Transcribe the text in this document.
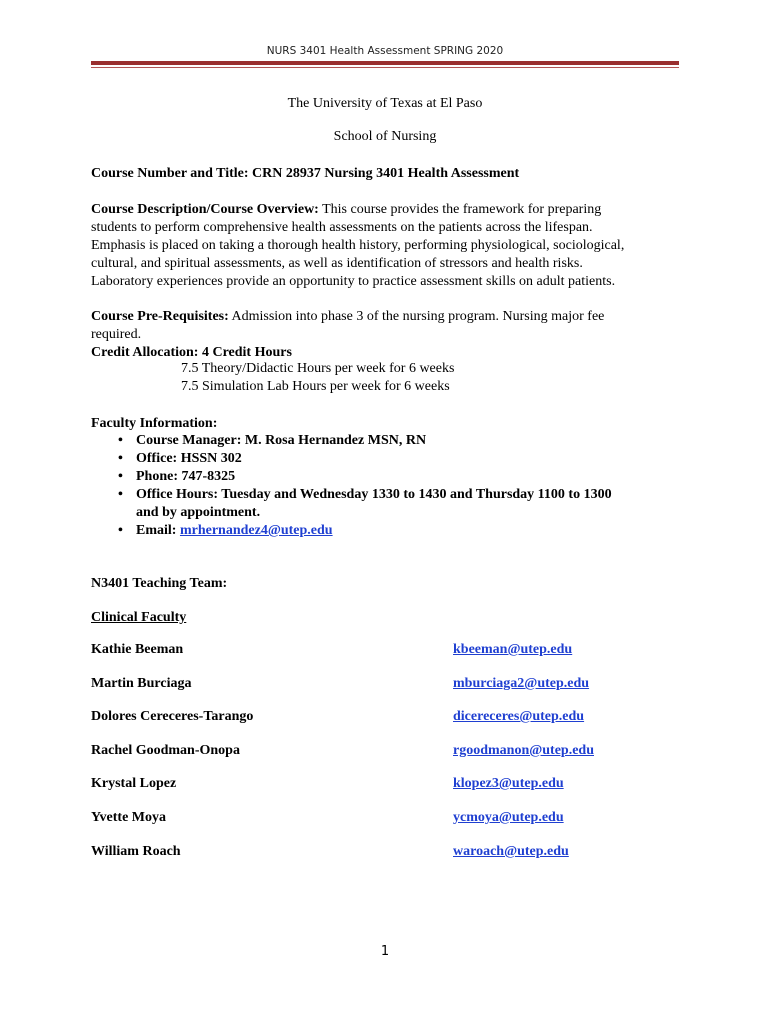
NURS 3401 Health Assessment SPRING 2020
The University of Texas at El Paso
School of Nursing
Course Number and Title: CRN 28937 Nursing 3401 Health Assessment
Course Description/Course Overview: This course provides the framework for preparing
students to perform comprehensive health assessments on the patients across the lifespan.
Emphasis is placed on taking a thorough health history, performing physiological, sociological,
cultural, and spiritual assessments, as well as identification of stressors and health risks.
Laboratory experiences provide an opportunity to practice assessment skills on adult patients.
Course Pre-Requisites: Admission into phase 3 of the nursing program. Nursing major fee
required.
Credit Allocation: 4 Credit Hours
7.5 Theory/Didactic Hours per week for 6 weeks
7.5 Simulation Lab Hours per week for 6 weeks
Faculty Information:
• Course Manager: M. Rosa Hernandez MSN, RN
• Office: HSSN 302
• Phone: 747-8325
• Office Hours: Tuesday and Wednesday 1330 to 1430 and Thursday 1100 to 1300
and by appointment.
• Email: mrhernandez4@utep.edu
N3401 Teaching Team:
Clinical Faculty
Kathie Beeman	kbeeman@utep.edu
Martin Burciaga	mburciaga2@utep.edu
Dolores Cereceres-Tarango	dicereceres@utep.edu
Rachel Goodman-Onopa	rgoodmanon@utep.edu
Krystal Lopez	klopez3@utep.edu
Yvette Moya	ycmoya@utep.edu
William Roach	waroach@utep.edu
1
